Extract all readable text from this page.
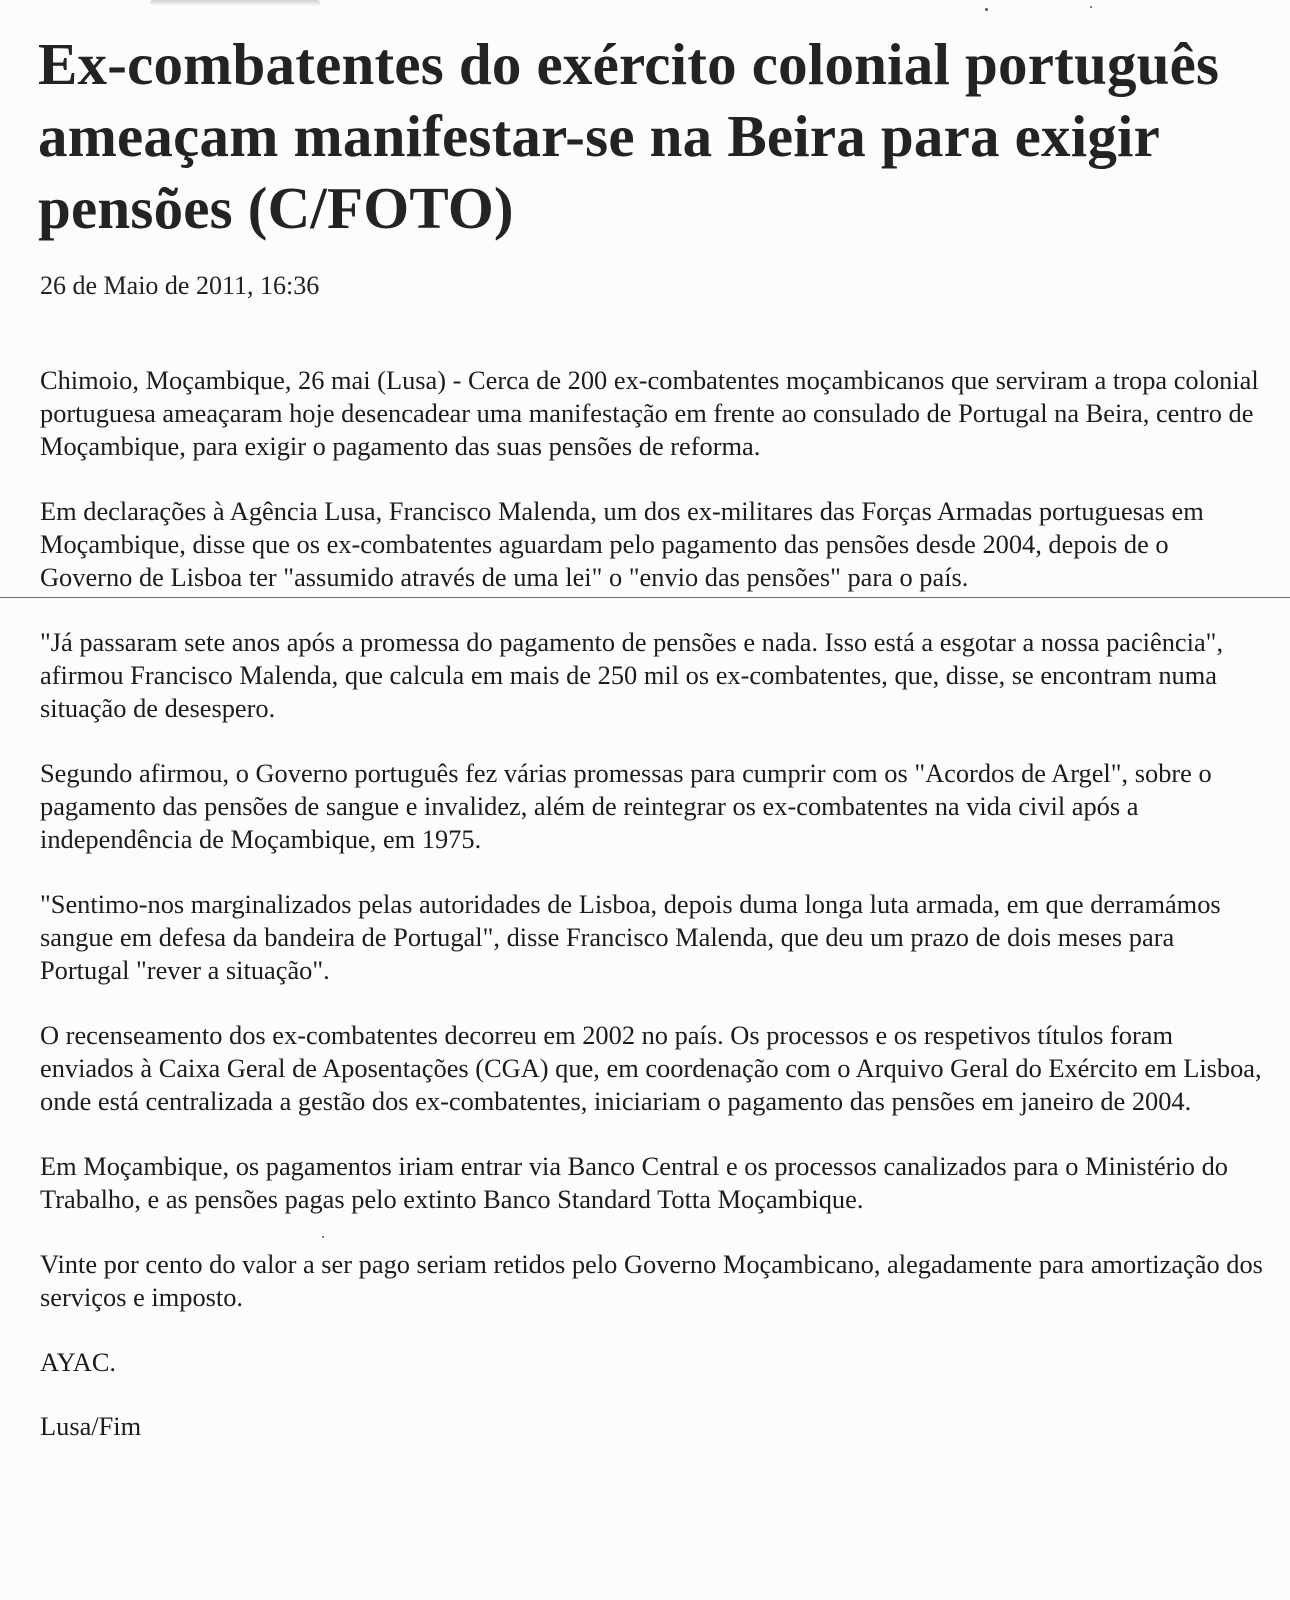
Ex-combatentes do exército colonial português ameaçam manifestar-se na Beira para exigir pensões (C/FOTO)
26 de Maio de 2011, 16:36

Chimoio, Moçambique, 26 mai (Lusa) - Cerca de 200 ex-combatentes moçambicanos que serviram a tropa colonial portuguesa ameaçaram hoje desencadear uma manifestação em frente ao consulado de Portugal na Beira, centro de Moçambique, para exigir o pagamento das suas pensões de reforma.

Em declarações à Agência Lusa, Francisco Malenda, um dos ex-militares das Forças Armadas portuguesas em Moçambique, disse que os ex-combatentes aguardam pelo pagamento das pensões desde 2004, depois de o Governo de Lisboa ter "assumido através de uma lei" o "envio das pensões" para o país.

"Já passaram sete anos após a promessa do pagamento de pensões e nada. Isso está a esgotar a nossa paciência", afirmou Francisco Malenda, que calcula em mais de 250 mil os ex-combatentes, que, disse, se encontram numa situação de desespero.

Segundo afirmou, o Governo português fez várias promessas para cumprir com os "Acordos de Argel", sobre o pagamento das pensões de sangue e invalidez, além de reintegrar os ex-combatentes na vida civil após a independência de Moçambique, em 1975.

"Sentimo-nos marginalizados pelas autoridades de Lisboa, depois duma longa luta armada, em que derramámos sangue em defesa da bandeira de Portugal", disse Francisco Malenda, que deu um prazo de dois meses para Portugal "rever a situação".

O recenseamento dos ex-combatentes decorreu em 2002 no país. Os processos e os respetivos títulos foram enviados à Caixa Geral de Aposentações (CGA) que, em coordenação com o Arquivo Geral do Exército em Lisboa, onde está centralizada a gestão dos ex-combatentes, iniciariam o pagamento das pensões em janeiro de 2004.

Em Moçambique, os pagamentos iriam entrar via Banco Central e os processos canalizados para o Ministério do Trabalho, e as pensões pagas pelo extinto Banco Standard Totta Moçambique.

Vinte por cento do valor a ser pago seriam retidos pelo Governo Moçambicano, alegadamente para amortização dos serviços e imposto.

AYAC.

Lusa/Fim
